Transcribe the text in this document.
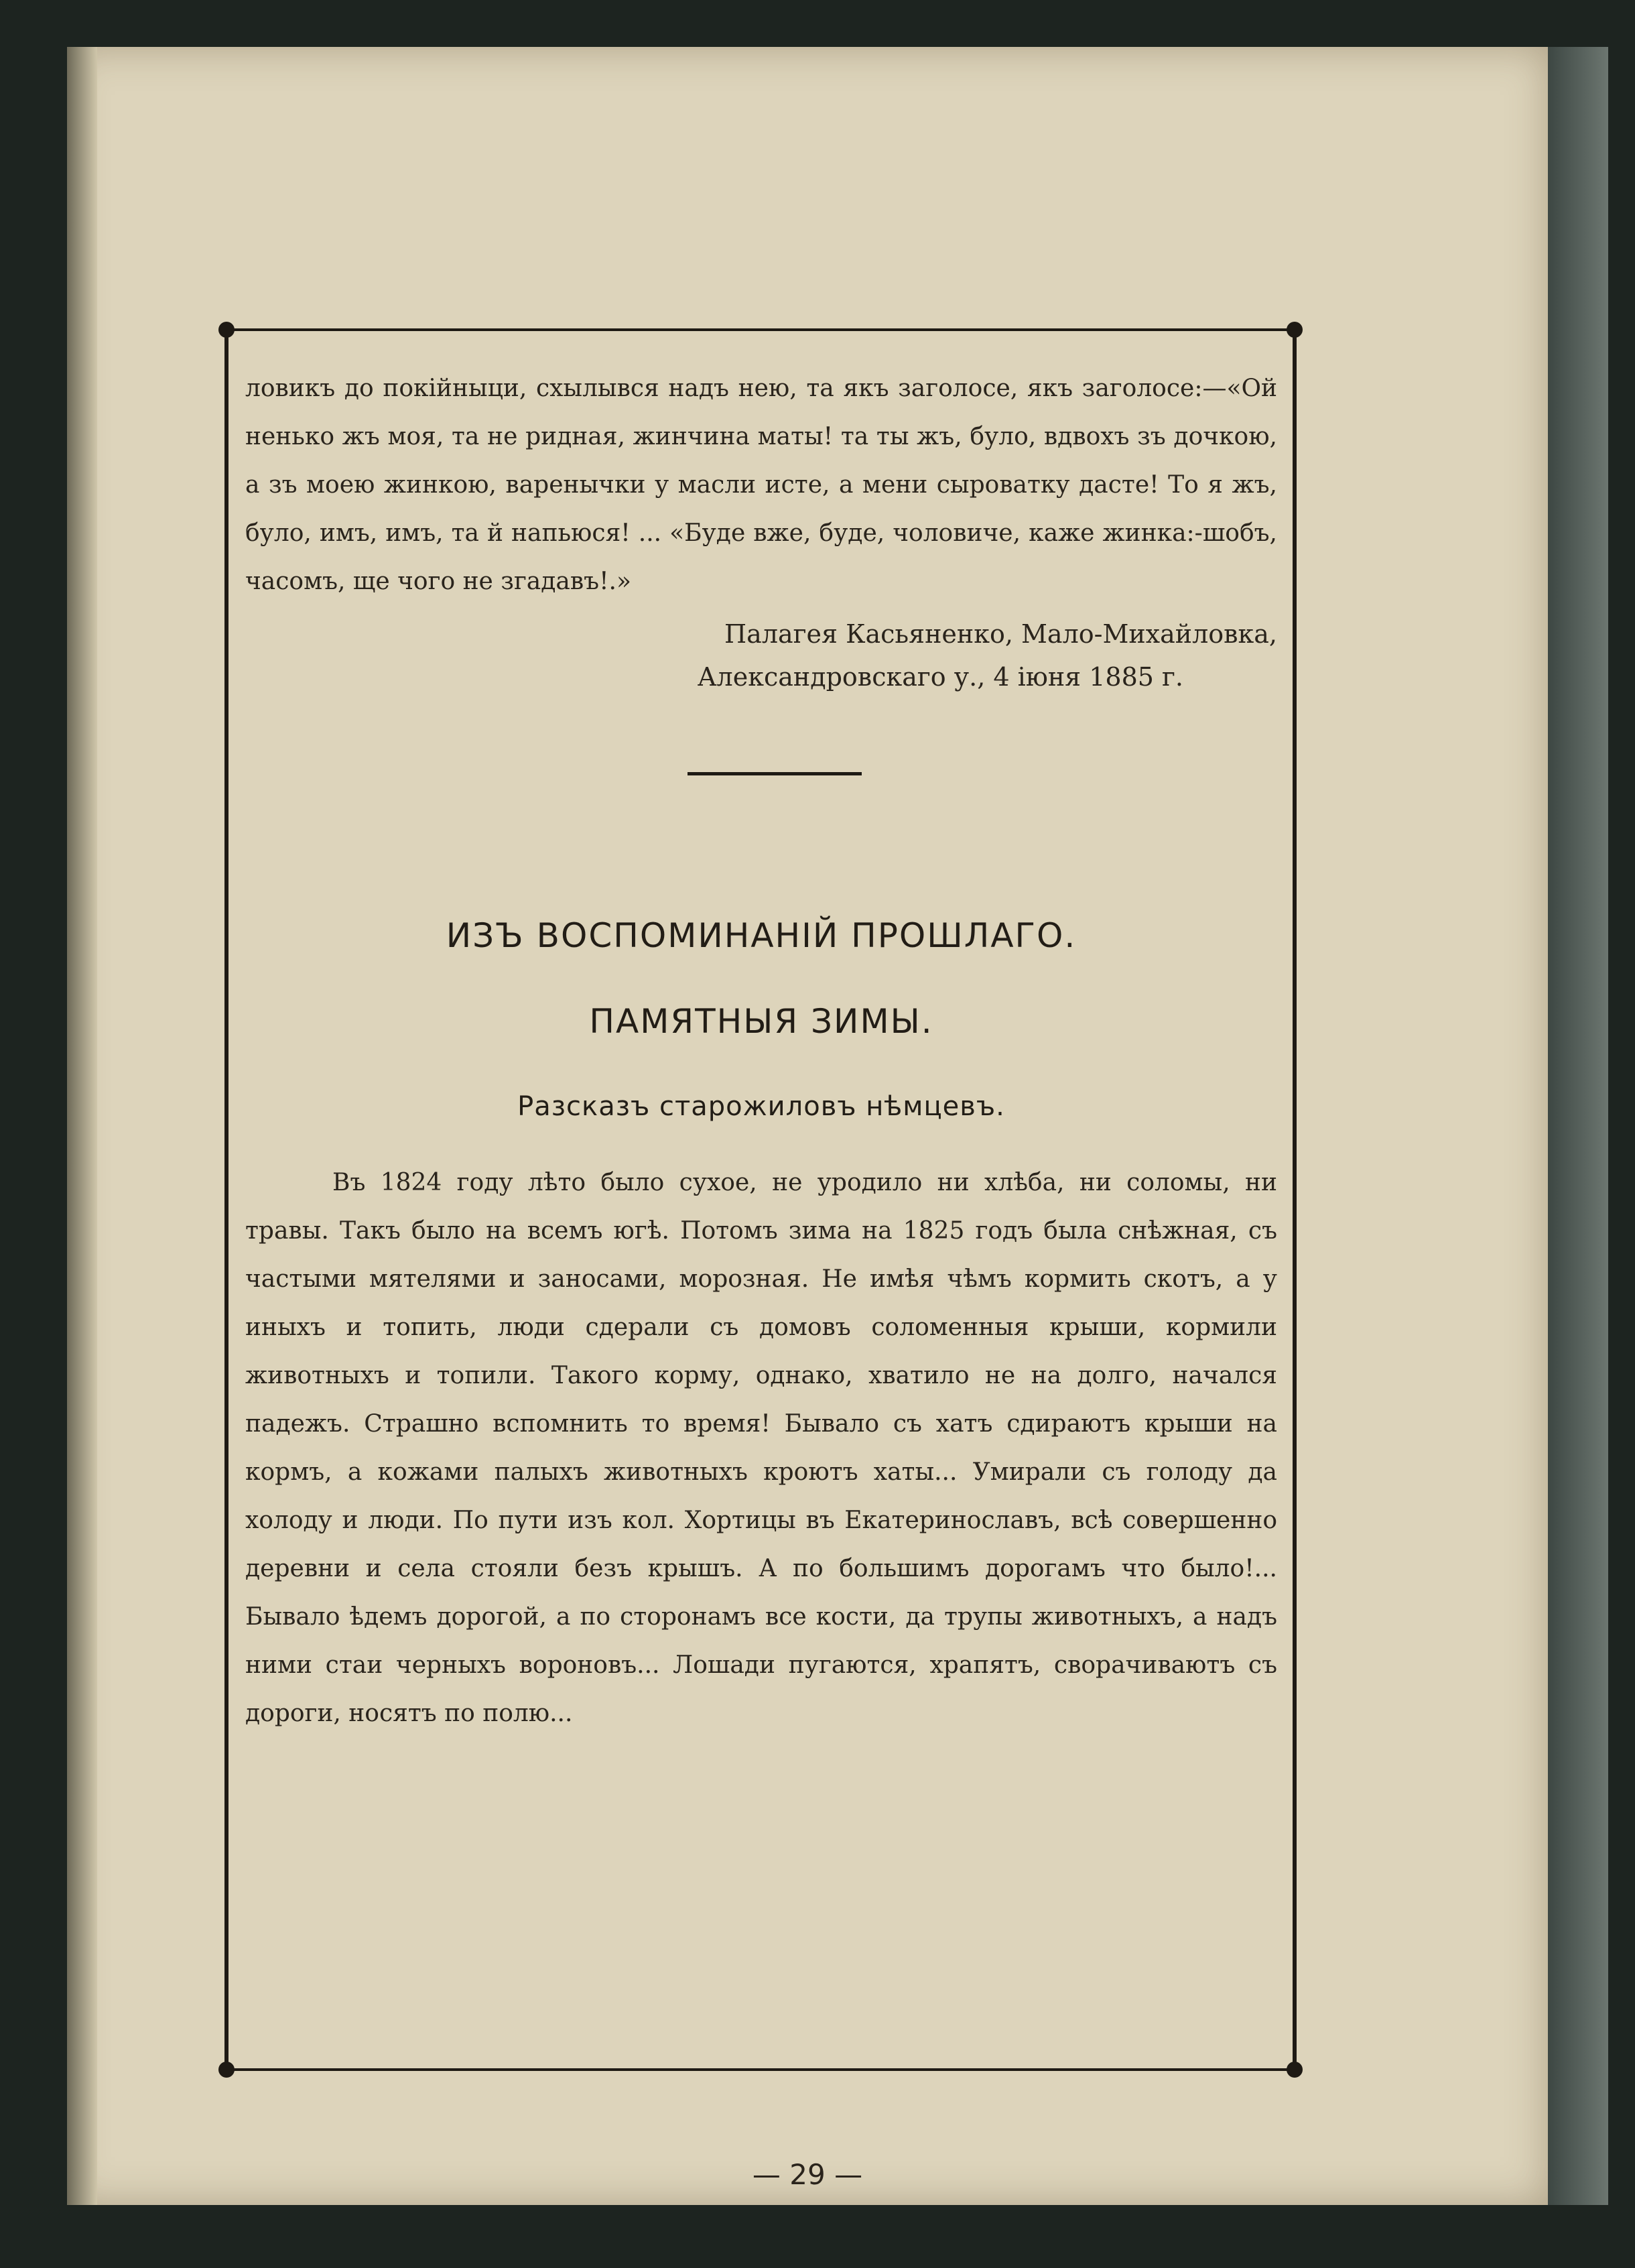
ловикъ до покійныци, схылывся надъ нею, та якъ заголосе, якъ заголосе:—«Ой ненько жъ моя, та не ридная, жинчина маты! та ты жъ, було, вдвохъ зъ дочкою, а зъ моею жинкою, варенычки у масли иcте, а мени сыроватку дасте! То я жъ, було, имъ, имъ, та й напьюся! ... «Буде вже, буде, чоловиче, каже жинка:-шобъ, часомъ, ще чого не згадавъ!.»

Палагея Касьяненко, Мало-Михайловка,
Александровскаго у., 4 іюня 1885 г.
ИЗЪ ВОСПОМИНАНІЙ ПРОШЛАГО.
ПАМЯТНЫЯ ЗИМЫ.
Разсказъ старожиловъ нѣмцевъ.

Въ 1824 году лѣто было сухое, не уродило ни хлѣба, ни соломы, ни травы. Такъ было на всемъ югѣ. Потомъ зима на 1825 годъ была снѣжная, съ частыми мятелями и заносами, морозная. Не имѣя чѣмъ кормить скотъ, а у иныхъ и топить, люди сдерали съ домовъ соломенныя крыши, кормили животныхъ и топили. Такого корму, однако, хватило не на долго, начался падежъ. Страшно вспомнить то время! Бывало съ хатъ сдираютъ крыши на кормъ, а кожами палыхъ животныхъ кроютъ хаты... Умирали съ голоду да холоду и люди. По пути изъ кол. Хортицы въ Екатеринославъ, всѣ совершенно деревни и села стояли безъ крышъ. А по большимъ дорогамъ что было!... Бывало ѣдемъ дорогой, а по сторонамъ все кости, да трупы животныхъ, а надъ ними стаи черныхъ вороновъ... Лошади пугаются, храпятъ, сворачиваютъ съ дороги, носятъ по полю...

— 29 —
